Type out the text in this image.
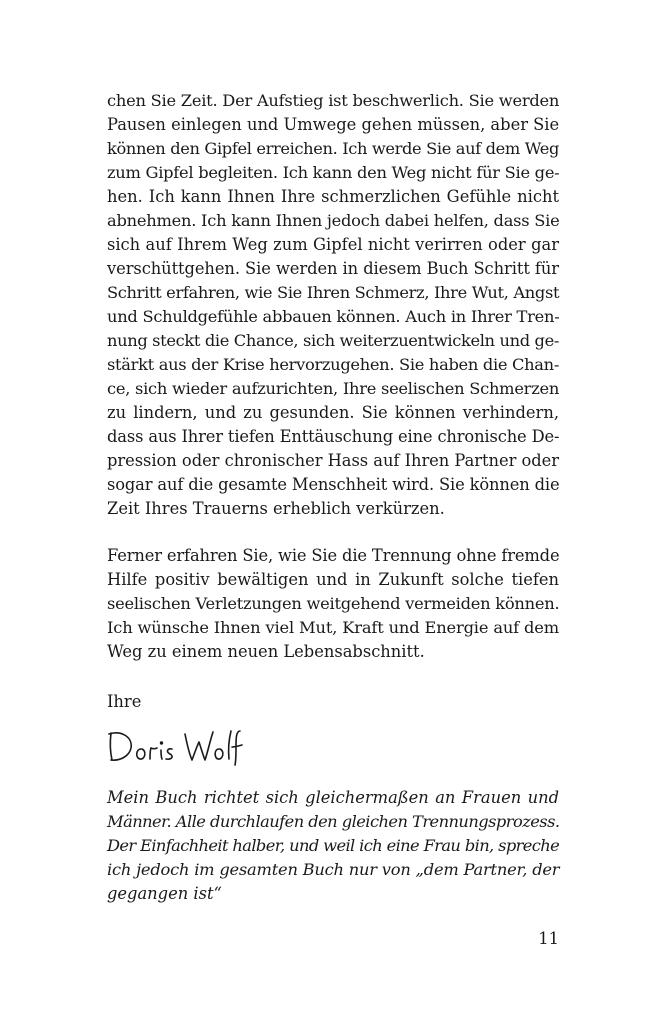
chen Sie Zeit. Der Aufstieg ist beschwerlich. Sie werden
Pausen einlegen und Umwege gehen müssen, aber Sie
können den Gipfel erreichen. Ich werde Sie auf dem Weg
zum Gipfel begleiten. Ich kann den Weg nicht für Sie ge-
hen. Ich kann Ihnen Ihre schmerzlichen Gefühle nicht
abnehmen. Ich kann Ihnen jedoch dabei helfen, dass Sie
sich auf Ihrem Weg zum Gipfel nicht verirren oder gar
verschüttgehen. Sie werden in diesem Buch Schritt für
Schritt erfahren, wie Sie Ihren Schmerz, Ihre Wut, Angst
und Schuldgefühle abbauen können. Auch in Ihrer Tren-
nung steckt die Chance, sich weiterzuentwickeln und ge-
stärkt aus der Krise hervorzugehen. Sie haben die Chan-
ce, sich wieder aufzurichten, Ihre seelischen Schmerzen
zu lindern, und zu gesunden. Sie können verhindern,
dass aus Ihrer tiefen Enttäuschung eine chronische De-
pression oder chronischer Hass auf Ihren Partner oder
sogar auf die gesamte Menschheit wird. Sie können die
Zeit Ihres Trauerns erheblich verkürzen.
Ferner erfahren Sie, wie Sie die Trennung ohne fremde
Hilfe positiv bewältigen und in Zukunft solche tiefen
seelischen Verletzungen weitgehend vermeiden können.
Ich wünsche Ihnen viel Mut, Kraft und Energie auf dem
Weg zu einem neuen Lebensabschnitt.
Ihre
Mein Buch richtet sich gleichermaßen an Frauen und
Männer. Alle durchlaufen den gleichen Trennungsprozess.
Der Einfachheit halber, und weil ich eine Frau bin, spreche
ich jedoch im gesamten Buch nur von „dem Partner, der
gegangen ist“
11
